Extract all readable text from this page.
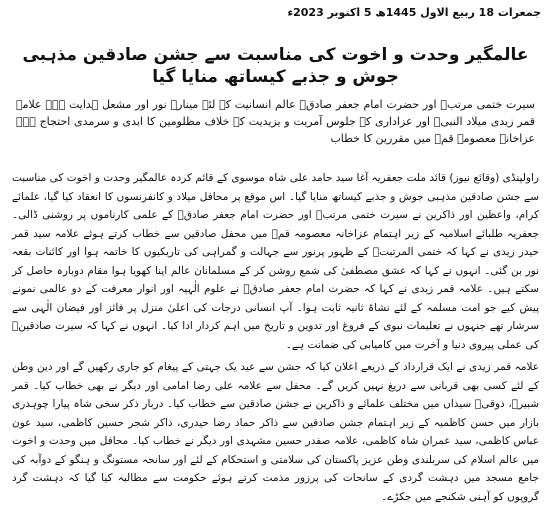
جمعرات 18 ربیع الاول 1445ھ 5 اکتوبر 2023ء
عالمگیر وحدت و اخوت کی مناسبت سے جشن صادقین مذہبی جوش و جذبے کیساتھ منایا گیا
سیرت ختمی مرتبؐ اور حضرت امام جعفر صادقؑ عالم انسانیت کے لئے مینارہ نور اور مشعل ہدایت ہے۔ علامہ قمر زیدی میلاد النبیؐ اور عزاداری کے جلوس آمریت و یزیدیت کے خلاف مظلومین کا ابدی و سرمدی احتجاج ہے۔ عزاخانہ معصومہ قمؑ میں مقررین کا خطاب

راولپنڈی (وقائع نیوز) قائد ملت جعفریہ آغا سید حامد علی شاہ موسوی کے قائم کردہ عالمگیر وحدت و اخوت کی مناسبت سے جشن صادقین مذہبی جوش و جذبے کیساتھ منایا گیا۔ اس موقع پر محافل میلاد و کانفرنسوں کا انعقاد کیا گیا، علمائے کرام، واعظین اور ذاکرین نے سیرت ختمی مرتبؐ اور حضرت امام جعفر صادقؑ کے علمی کارناموں پر روشنی ڈالی۔ جعفریہ طلبائے اسلامیہ کے زیر اہتمام عزاخانہ معصومہ قمؑ میں محفل صادقین سے خطاب کرتے ہوئے علامہ سید قمر حیدر زیدی نے کہا کہ ختمی المرتبتؐ کے ظہور پرنور سے جہالت و گمراہی کی تاریکیوں کا خاتمہ ہوا اور کائنات بقعہ نور بن گئی۔ انہوں نے کہا کہ عشق مصطفیٰ کی شمع روشن کر کے مسلمانان عالم اپنا کھویا ہوا مقام دوبارہ حاصل کر سکتے ہیں۔ علامہ قمر زیدی نے کہا کہ حضرت امام جعفر صادقؑ نے علوم الٰہیہ اور انوار معرفت کے دو عالمی نمونے پیش کیے جو امت مسلمہ کے لئے نشاۃ ثانیہ ثابت ہوا۔ آپ انسانی درجات کی اعلیٰ منزل پر فائز اور فیضان الٰہی سے سرشار تھے جنہوں نے تعلیمات نبوی کے فروغ اور تدوین و تاریخ میں اہم کردار ادا کیا۔ انہوں نے کہا کہ سیرت صادقینؑ کی عملی پیروی دنیا و آخرت میں کامیابی کی ضمانت ہے۔

علامہ قمر زیدی نے ایک قرارداد کے ذریعے اعلان کیا کہ جشن سے عید یک جہتی کے پیغام کو جاری رکھیں گے اور دین وطن کے لئے کسی بھی قربانی سے دریغ نہیں کریں گے۔ محفل سے علامہ علی رضا امامی اور دیگر نے بھی خطاب کیا۔ قمر شبیرؔ، ذوقیؔ سیداں میں مختلف علمائے و ذاکرین نے جشن صادقین سے خطاب کیا۔ دربار ذکر سخی شاہ پیارا چوہدری بازار میں حسن کاظمیہ کے زیر اہتمام جشن صادقین سے ذاکر حماد رضا حیدری، ذاکر شجر حسین کاظمی، سید عون عباس کاظمی، سید عمران شاہ کاظمی، علامہ صفدر حسین مشہدی اور دیگر نے خطاب کیا۔ محافل میں وحدت و اخوت میں عالم اسلام کی سربلندی وطن عزیز پاکستان کی سلامتی و استحکام کے لئے اور سانحہ مستونگ و ہنگو کے دوآبہ کی جامع مسجد میں دہشت گردی کے سانحات کی پرزور مذمت کرتے ہوئے حکومت سے مطالبہ کیا گیا کہ دہشت گرد گروپوں کو آہنی شکنجے میں جکڑے۔
